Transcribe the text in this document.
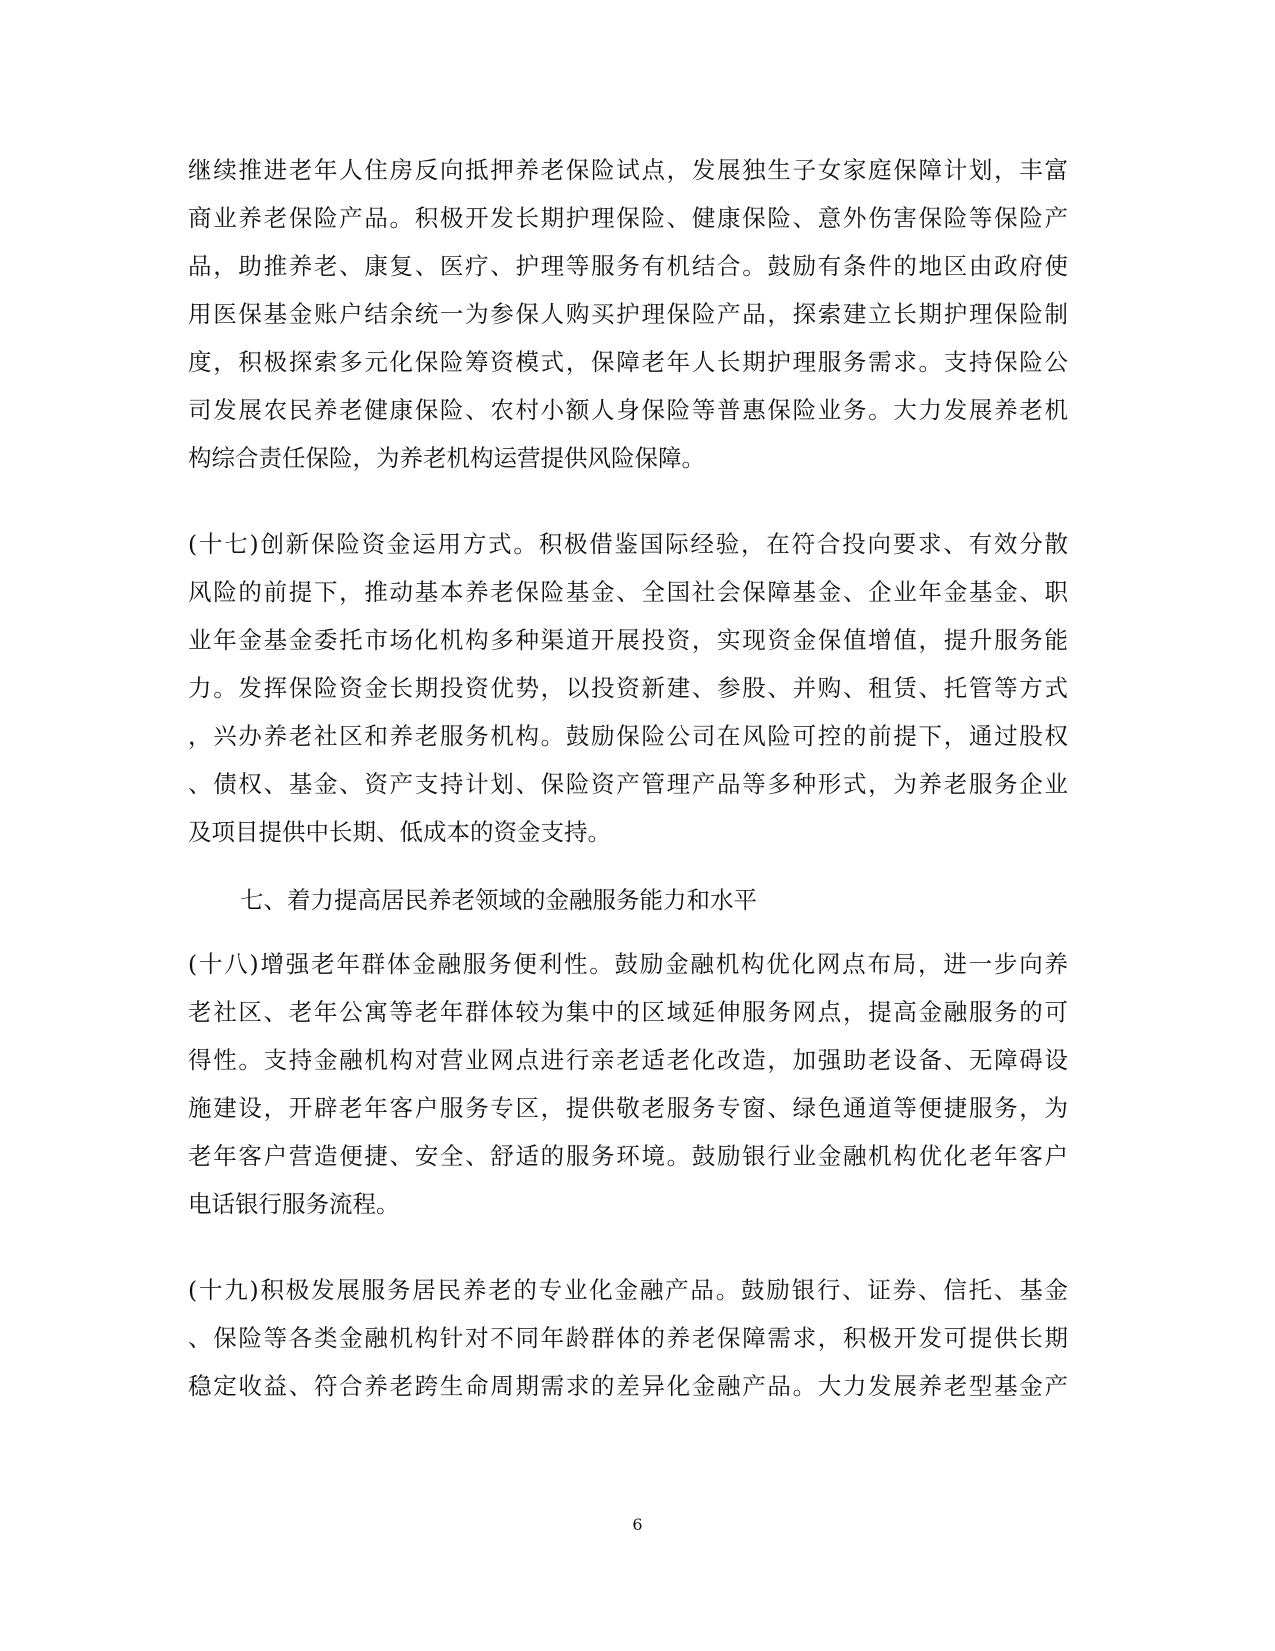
继续推进老年人住房反向抵押养老保险试点，发展独生子女家庭保障计划，丰富
商业养老保险产品。积极开发长期护理保险、健康保险、意外伤害保险等保险产
品，助推养老、康复、医疗、护理等服务有机结合。鼓励有条件的地区由政府使
用医保基金账户结余统一为参保人购买护理保险产品，探索建立长期护理保险制
度，积极探索多元化保险筹资模式，保障老年人长期护理服务需求。支持保险公
司发展农民养老健康保险、农村小额人身保险等普惠保险业务。大力发展养老机
构综合责任保险，为养老机构运营提供风险保障。
(十七)创新保险资金运用方式。积极借鉴国际经验，在符合投向要求、有效分散
风险的前提下，推动基本养老保险基金、全国社会保障基金、企业年金基金、职
业年金基金委托市场化机构多种渠道开展投资，实现资金保值增值，提升服务能
力。发挥保险资金长期投资优势，以投资新建、参股、并购、租赁、托管等方式
，兴办养老社区和养老服务机构。鼓励保险公司在风险可控的前提下，通过股权
、债权、基金、资产支持计划、保险资产管理产品等多种形式，为养老服务企业
及项目提供中长期、低成本的资金支持。
七、着力提高居民养老领域的金融服务能力和水平
(十八)增强老年群体金融服务便利性。鼓励金融机构优化网点布局，进一步向养
老社区、老年公寓等老年群体较为集中的区域延伸服务网点，提高金融服务的可
得性。支持金融机构对营业网点进行亲老适老化改造，加强助老设备、无障碍设
施建设，开辟老年客户服务专区，提供敬老服务专窗、绿色通道等便捷服务，为
老年客户营造便捷、安全、舒适的服务环境。鼓励银行业金融机构优化老年客户
电话银行服务流程。
(十九)积极发展服务居民养老的专业化金融产品。鼓励银行、证券、信托、基金
、保险等各类金融机构针对不同年龄群体的养老保障需求，积极开发可提供长期
稳定收益、符合养老跨生命周期需求的差异化金融产品。大力发展养老型基金产
6
